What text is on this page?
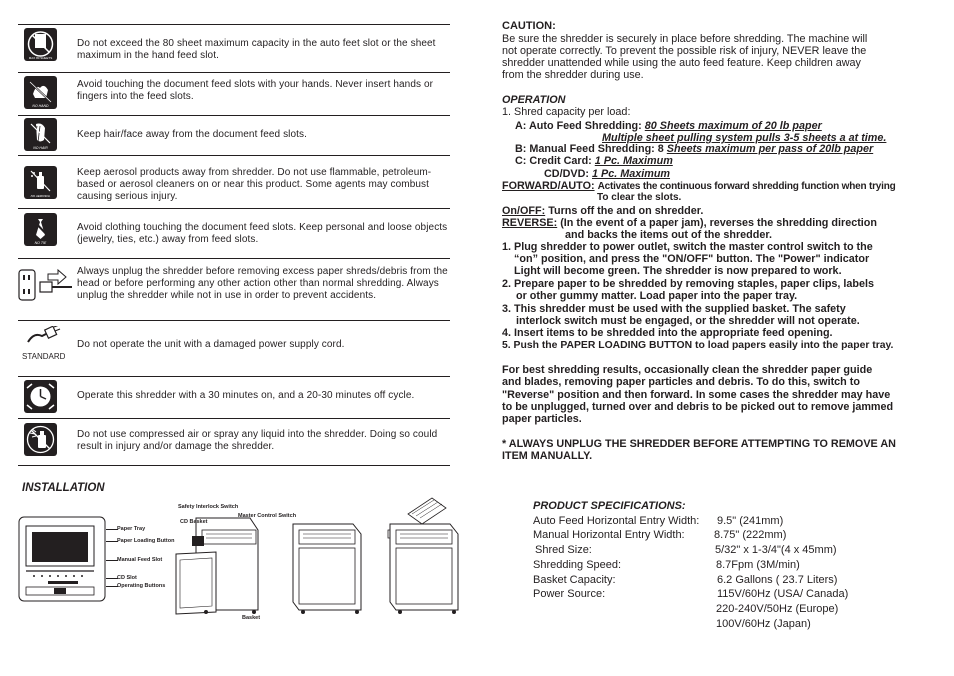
MAX 80 SHEETS
Do not exceed the 80 sheet maximum capacity in the auto feet slot or the sheet maximum in the hand feed slot.
NO HAND
Avoid touching the document feed slots with your hands. Never insert hands or fingers into the feed slots.
NO HAIR
Keep hair/face away from the document feed slots.
NO AEROSOL
Keep aerosol products away from shredder. Do not use flammable, petroleum-based or aerosol cleaners on or near this product. Some agents may combust causing serious injury.
NO TIE
Avoid clothing touching the document feed slots. Keep personal and loose objects (jewelry, ties, etc.) away from feed slots.
Always unplug the shredder before removing excess paper shreds/debris from the head or before performing any other action other than normal shredding. Always unplug the shredder while not in use in order to prevent accidents.
STANDARD
Do not operate the unit with a damaged power supply cord.
Operate this shredder with a 30 minutes on, and a 20-30 minutes off cycle.
Do not use compressed air or spray any liquid into the shredder. Doing so could result in injury and/or damage the shredder.
INSTALLATION
Paper Tray
Paper Loading Button
Manual Feed Slot
CD Slot
Operating Buttons
Safety Interlock Switch
CD Basket
Master Control Switch
Basket
CAUTION:
Be sure the shredder is securely in place before shredding. The machine will
not operate correctly. To prevent the possible risk of injury, NEVER leave the
shredder unattended while using the auto feed feature. Keep children away
from the shredder during use.
OPERATION
1. Shred capacity per load:
A: Auto Feed Shredding: 80 Sheets maximum of 20 lb paper
Multiple sheet pulling system pulls 3-5 sheets a at time.
B: Manual Feed Shredding: 8 Sheets maximum per pass of 20lb paper
C: Credit Card: 1 Pc. Maximum
CD/DVD: 1 Pc. Maximum
FORWARD/AUTO: Activates the continuous forward shredding function when trying
To clear the slots.
On/OFF: Turns off the and on shredder.
REVERSE: (In the event of a paper jam), reverses the shredding direction
and backs the items out of the shredder.
1. Plug shredder to power outlet, switch the master control switch to the
“on” position, and press the "ON/OFF" button. The "Power" indicator
Light will become green. The shredder is now prepared to work.
2. Prepare paper to be shredded by removing staples, paper clips, labels
or other gummy matter. Load paper into the paper tray.
3. This shredder must be used with the supplied basket. The safety
interlock switch must be engaged, or the shredder will not operate.
4. Insert items to be shredded into the appropriate feed opening.
5. Push the PAPER LOADING BUTTON to load papers easily into the paper tray.
For best shredding results, occasionally clean the shredder paper guide
and blades, removing paper particles and debris. To do this, switch to
"Reverse" position and then forward. In some cases the shredder may have
to be unplugged, turned over and debris to be picked out to remove jammed
paper particles.
* ALWAYS UNPLUG THE SHREDDER BEFORE ATTEMPTING TO REMOVE AN
ITEM MANUALLY.
PRODUCT SPECIFICATIONS:
Auto Feed Horizontal Entry Width: 9.5" (241mm)
Manual Horizontal Entry Width:	8.75" (222mm)
Shred Size:	5/32" x 1-3/4"(4 x 45mm)
Shredding Speed:	8.7Fpm (3M/min)
Basket Capacity:	6.2 Gallons ( 23.7 Liters)
Power Source:	115V/60Hz (USA/ Canada)
220-240V/50Hz (Europe)
100V/60Hz (Japan)
